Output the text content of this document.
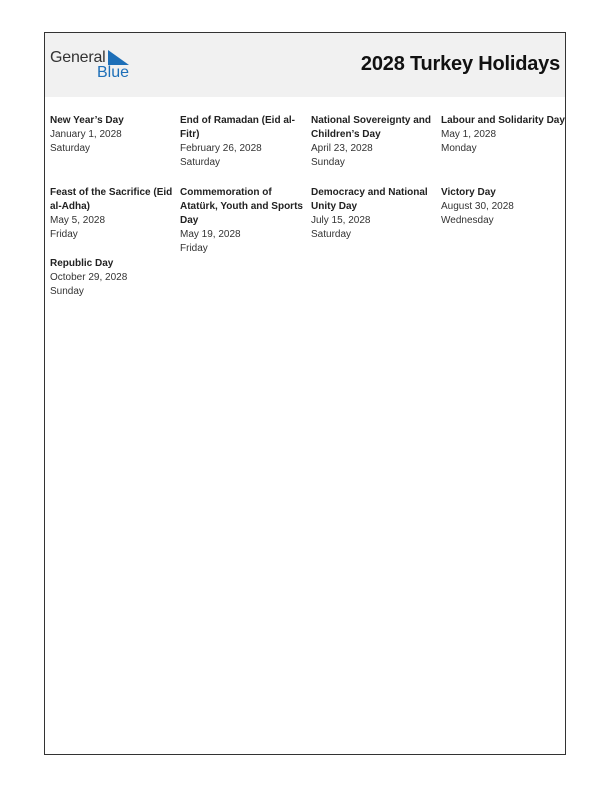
General
Blue	2028 Turkey Holidays
New Year’s Day
January 1, 2028
Saturday
End of Ramadan (Eid al-Fitr)
February 26, 2028
Saturday
National Sovereignty and Children’s Day
April 23, 2028
Sunday
Labour and Solidarity Day
May 1, 2028
Monday
Feast of the Sacrifice (Eid al-Adha)
May 5, 2028
Friday
Commemoration of Atatürk, Youth and Sports Day
May 19, 2028
Friday
Democracy and National Unity Day
July 15, 2028
Saturday
Victory Day
August 30, 2028
Wednesday
Republic Day
October 29, 2028
Sunday
